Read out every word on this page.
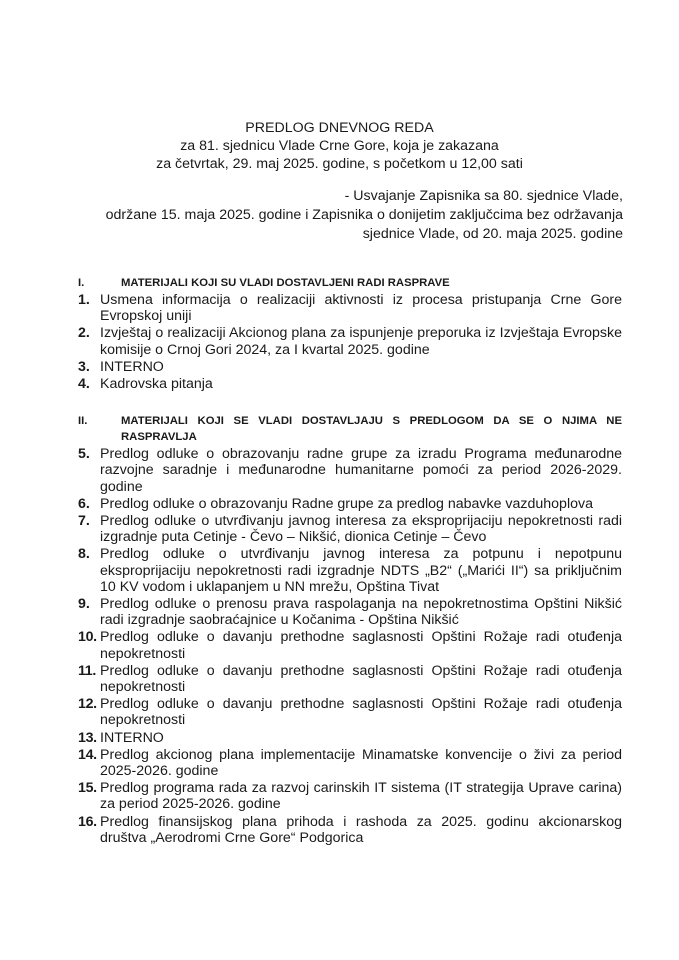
PREDLOG DNEVNOG REDA
za 81. sjednicu Vlade Crne Gore, koja je zakazana
za četvrtak, 29. maj 2025. godine, s početkom u 12,00 sati
- Usvajanje Zapisnika sa 80. sjednice Vlade,
održane 15. maja 2025. godine i Zapisnika o donijetim zaključcima bez održavanja
sjednice Vlade, od 20. maja 2025. godine
I.	MATERIJALI KOJI SU VLADI DOSTAVLJENI RADI RASPRAVE
1. Usmena informacija o realizaciji aktivnosti iz procesa pristupanja Crne Gore Evropskoj uniji
2. Izvještaj o realizaciji Akcionog plana za ispunjenje preporuka iz Izvještaja Evropske komisije o Crnoj Gori 2024, za I kvartal 2025. godine
3. INTERNO
4. Kadrovska pitanja
II.	MATERIJALI KOJI SE VLADI DOSTAVLJAJU S PREDLOGOM DA SE O NJIMA NE RASPRAVLJA
5. Predlog odluke o obrazovanju radne grupe za izradu Programa međunarodne razvojne saradnje i međunarodne humanitarne pomoći za period 2026-2029. godine
6. Predlog odluke o obrazovanju Radne grupe za predlog nabavke vazduhoplova
7. Predlog odluke o utvrđivanju javnog interesa za eksproprijaciju nepokretnosti radi izgradnje puta Cetinje - Čevo – Nikšić, dionica Cetinje – Čevo
8. Predlog odluke o utvrđivanju javnog interesa za potpunu i nepotpunu eksproprijaciju nepokretnosti radi izgradnje NDTS „B2“ („Marići II“) sa priključnim 10 KV vodom i uklapanjem u NN mrežu, Opština Tivat
9. Predlog odluke o prenosu prava raspolaganja na nepokretnostima Opštini Nikšić radi izgradnje saobraćajnice u Kočanima - Opština Nikšić
10. Predlog odluke o davanju prethodne saglasnosti Opštini Rožaje radi otuđenja nepokretnosti
11. Predlog odluke o davanju prethodne saglasnosti Opštini Rožaje radi otuđenja nepokretnosti
12. Predlog odluke o davanju prethodne saglasnosti Opštini Rožaje radi otuđenja nepokretnosti
13. INTERNO
14. Predlog akcionog plana implementacije Minamatske konvencije o živi za period 2025-2026. godine
15. Predlog programa rada za razvoj carinskih IT sistema (IT strategija Uprave carina) za period 2025-2026. godine
16. Predlog finansijskog plana prihoda i rashoda za 2025. godinu akcionarskog društva „Aerodromi Crne Gore“ Podgorica
